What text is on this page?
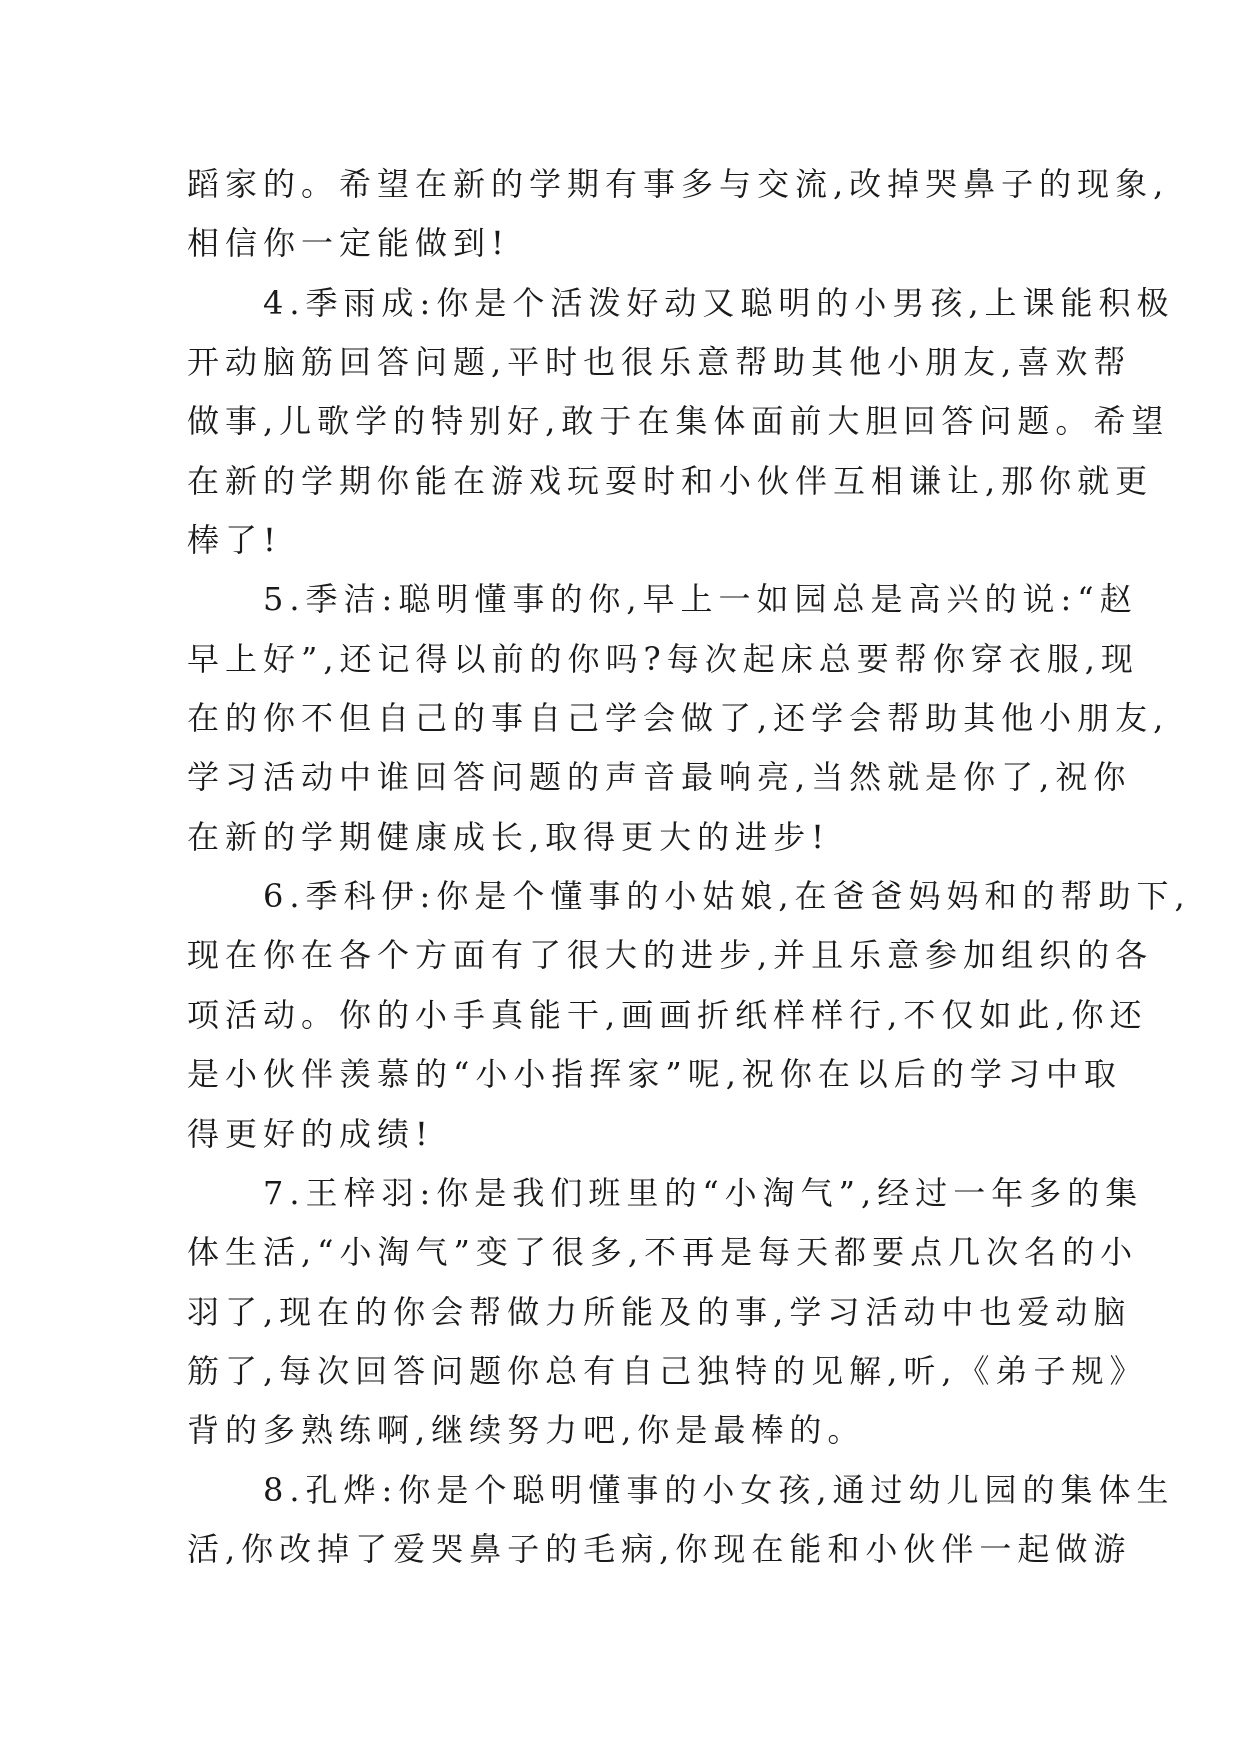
蹈家的。希望在新的学期有事多与交流,改掉哭鼻子的现象,
相信你一定能做到!
　　4.季雨成:你是个活泼好动又聪明的小男孩,上课能积极
开动脑筋回答问题,平时也很乐意帮助其他小朋友,喜欢帮
做事,儿歌学的特别好,敢于在集体面前大胆回答问题。希望
在新的学期你能在游戏玩耍时和小伙伴互相谦让,那你就更
棒了!
　　5.季洁:聪明懂事的你,早上一如园总是高兴的说:“赵
早上好”,还记得以前的你吗?每次起床总要帮你穿衣服,现
在的你不但自己的事自己学会做了,还学会帮助其他小朋友,
学习活动中谁回答问题的声音最响亮,当然就是你了,祝你
在新的学期健康成长,取得更大的进步!
　　6.季科伊:你是个懂事的小姑娘,在爸爸妈妈和的帮助下,
现在你在各个方面有了很大的进步,并且乐意参加组织的各
项活动。你的小手真能干,画画折纸样样行,不仅如此,你还
是小伙伴羡慕的“小小指挥家”呢,祝你在以后的学习中取
得更好的成绩!
　　7.王梓羽:你是我们班里的“小淘气”,经过一年多的集
体生活,“小淘气”变了很多,不再是每天都要点几次名的小
羽了,现在的你会帮做力所能及的事,学习活动中也爱动脑
筋了,每次回答问题你总有自己独特的见解,听,《弟子规》
背的多熟练啊,继续努力吧,你是最棒的。
　　8.孔烨:你是个聪明懂事的小女孩,通过幼儿园的集体生
活,你改掉了爱哭鼻子的毛病,你现在能和小伙伴一起做游
